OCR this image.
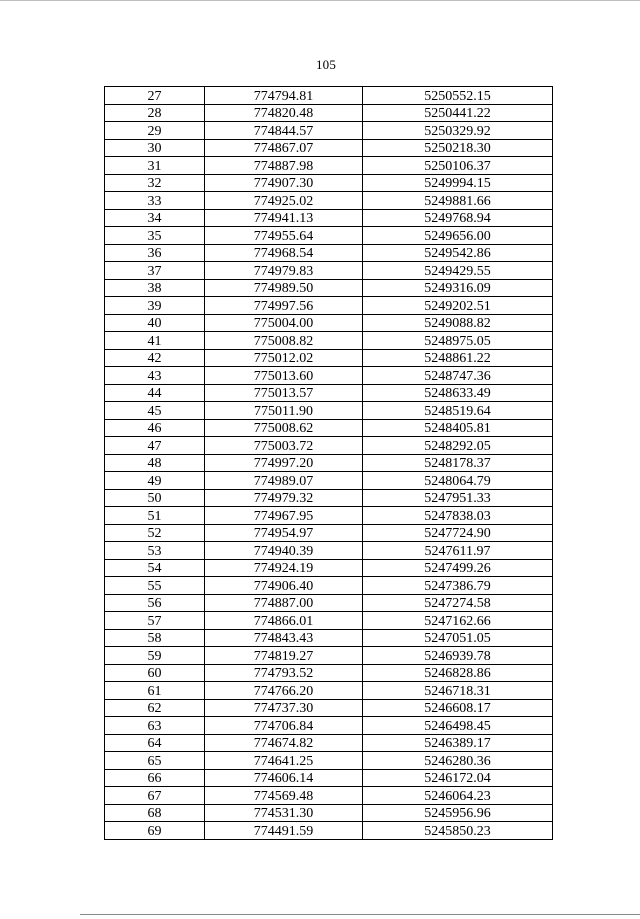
105
27	774794.81	5250552.15
28	774820.48	5250441.22
29	774844.57	5250329.92
30	774867.07	5250218.30
31	774887.98	5250106.37
32	774907.30	5249994.15
33	774925.02	5249881.66
34	774941.13	5249768.94
35	774955.64	5249656.00
36	774968.54	5249542.86
37	774979.83	5249429.55
38	774989.50	5249316.09
39	774997.56	5249202.51
40	775004.00	5249088.82
41	775008.82	5248975.05
42	775012.02	5248861.22
43	775013.60	5248747.36
44	775013.57	5248633.49
45	775011.90	5248519.64
46	775008.62	5248405.81
47	775003.72	5248292.05
48	774997.20	5248178.37
49	774989.07	5248064.79
50	774979.32	5247951.33
51	774967.95	5247838.03
52	774954.97	5247724.90
53	774940.39	5247611.97
54	774924.19	5247499.26
55	774906.40	5247386.79
56	774887.00	5247274.58
57	774866.01	5247162.66
58	774843.43	5247051.05
59	774819.27	5246939.78
60	774793.52	5246828.86
61	774766.20	5246718.31
62	774737.30	5246608.17
63	774706.84	5246498.45
64	774674.82	5246389.17
65	774641.25	5246280.36
66	774606.14	5246172.04
67	774569.48	5246064.23
68	774531.30	5245956.96
69	774491.59	5245850.23
